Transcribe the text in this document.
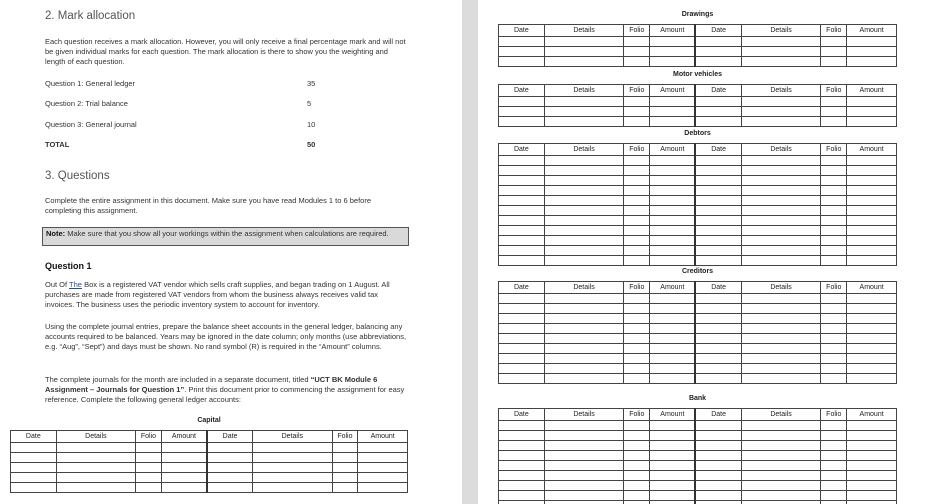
2. Mark allocation
Each question receives a mark allocation. However, you will only receive a final percentage mark and will not be given individual marks for each question. The mark allocation is there to show you the weighting and length of each question.
Question 1: General ledger	35
Question 2: Trial balance	5
Question 3: General journal	10
TOTAL	50
3. Questions
Complete the entire assignment in this document. Make sure you have read Modules 1 to 6 before completing this assignment.
Note: Make sure that you show all your workings within the assignment when calculations are required.
Question 1
Out Of The Box is a registered VAT vendor which sells craft supplies, and began trading on 1 August. All purchases are made from registered VAT vendors from whom the business always receives valid tax invoices. The business uses the periodic inventory system to account for inventory.
Using the complete journal entries, prepare the balance sheet accounts in the general ledger, balancing any accounts required to be balanced. Years may be ignored in the date column; only months (use abbreviations, e.g. “Aug”, “Sept”) and days must be shown. No rand symbol (R) is required in the “Amount” columns.
The complete journals for the month are included in a separate document, titled “UCT BK Module 6 Assignment – Journals for Question 1”. Print this document prior to commencing the assignment for easy reference. Complete the following general ledger accounts:
Capital
Date	Details	Folio	Amount	Date	Details	Folio	Amount

Drawings
Date	Details	Folio	Amount	Date	Details	Folio	Amount

Motor vehicles
Date	Details	Folio	Amount	Date	Details	Folio	Amount

Debtors
Date	Details	Folio	Amount	Date	Details	Folio	Amount

Creditors
Date	Details	Folio	Amount	Date	Details	Folio	Amount

Bank
Date	Details	Folio	Amount	Date	Details	Folio	Amount
